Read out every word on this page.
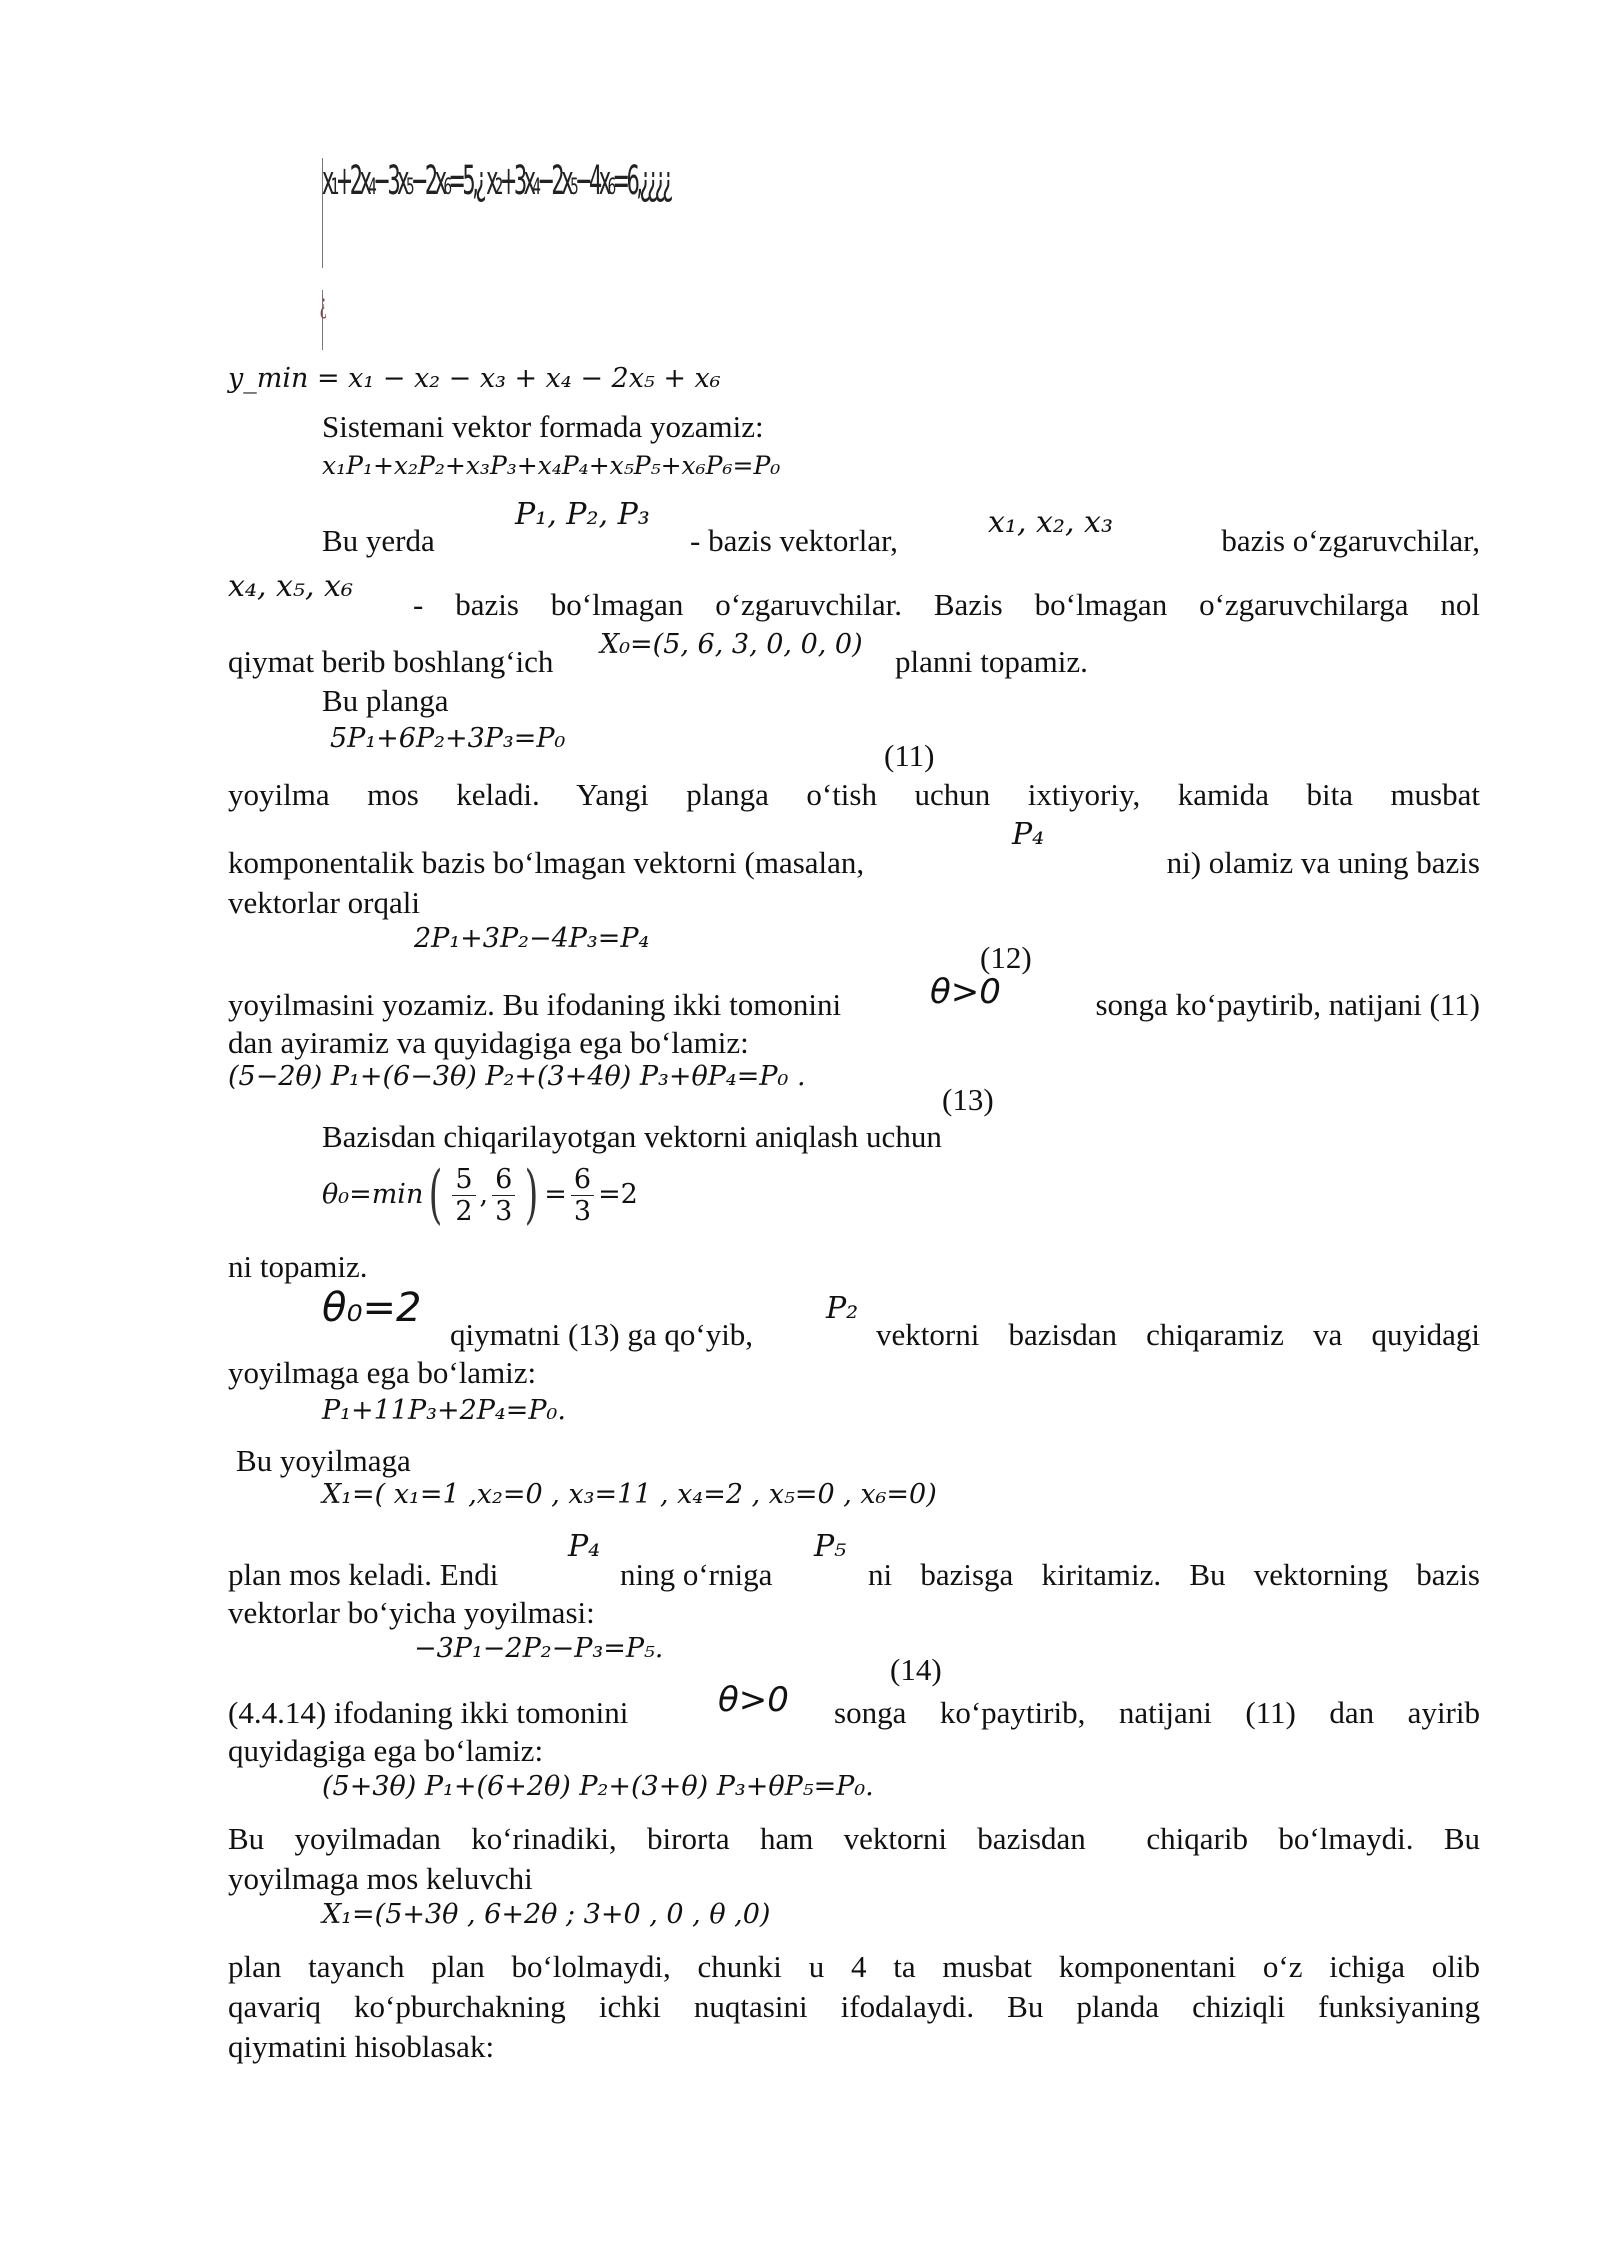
x₁+2x₄−3x₅−2x₆=5,¿ x₂+3x₄−2x₅−4x₆=6,¿¿¿¿
¿
y_min = x₁ − x₂ − x₃ + x₄ − 2x₅ + x₆
Sistemani vektor formada yozamiz:
x₁P₁+x₂P₂+x₃P₃+x₄P₄+x₅P₅+x₆P₆=P₀
Bu yerda
P₁, P₂, P₃
- bazis vektorlar,
x₁, x₂, x₃
bazis o‘zgaruvchilar,
x₄, x₅, x₆
- bazis bo‘lmagan o‘zgaruvchilar. Bazis bo‘lmagan o‘zgaruvchilarga nol
qiymat berib boshlang‘ich X₀=(5, 6, 3, 0, 0, 0) planni topamiz.
Bu planga
5P₁+6P₂+3P₃=P₀	(11)
yoyilma mos keladi. Yangi planga o‘tish uchun ixtiyoriy, kamida bita musbat
komponentalik bazis bo‘lmagan vektorni (masalan,
P₄
ni) olamiz va uning bazis
vektorlar orqali
2P₁+3P₂−4P₃=P₄
(12)
yoyilmasini yozamiz. Bu ifodaning ikki tomonini	θ>0	songa ko‘paytirib, natijani (11)
dan ayiramiz va quyidagiga ega bo‘lamiz:
(5−2θ) P₁+(6−3θ) P₂+(3+4θ) P₃+θP₄=P₀ .
(13)
Bazisdan chiqarilayotgan vektorni aniqlash uchun
θ₀=min ( $\frac{5}{2}$ , $\frac{6}{3}$ ) = $\frac{6}{3} =2$
ni topamiz.
θ₀=2
qiymatni (13) ga qo‘yib,
P₂
vektorni bazisdan chiqaramiz va quyidagi
yoyilmaga ega bo‘lamiz:
P₁+11P₃+2P₄=P₀.
Bu yoyilmaga
X₁=( x₁=1 ,x₂=0 , x₃=11 , x₄=2 , x₅=0 , x₆=0)
plan mos keladi. Endi
P₄
ning o‘rniga
P₅
ni bazisga kiritamiz. Bu vektorning bazis
vektorlar bo‘yicha yoyilmasi:
−3P₁−2P₂−P₃=P₅.
(14)
(4.4.14) ifodaning ikki tomonini	θ>0 songa ko‘paytirib, natijani (11) dan ayirib
quyidagiga ega bo‘lamiz:
(5+3θ) P₁+(6+2θ) P₂+(3+θ) P₃+θP₅=P₀.
Bu yoyilmadan ko‘rinadiki, birorta ham vektorni bazisdan  chiqarib bo‘lmaydi. Bu
yoyilmaga mos keluvchi
X₁=(5+3θ , 6+2θ ; 3+0 , 0 , θ ,0)
plan tayanch plan bo‘lolmaydi, chunki u 4 ta musbat komponentani o‘z ichiga olib
qavariq ko‘pburchakning ichki nuqtasini ifodalaydi. Bu planda chiziqli funksiyaning
qiymatini hisoblasak:
